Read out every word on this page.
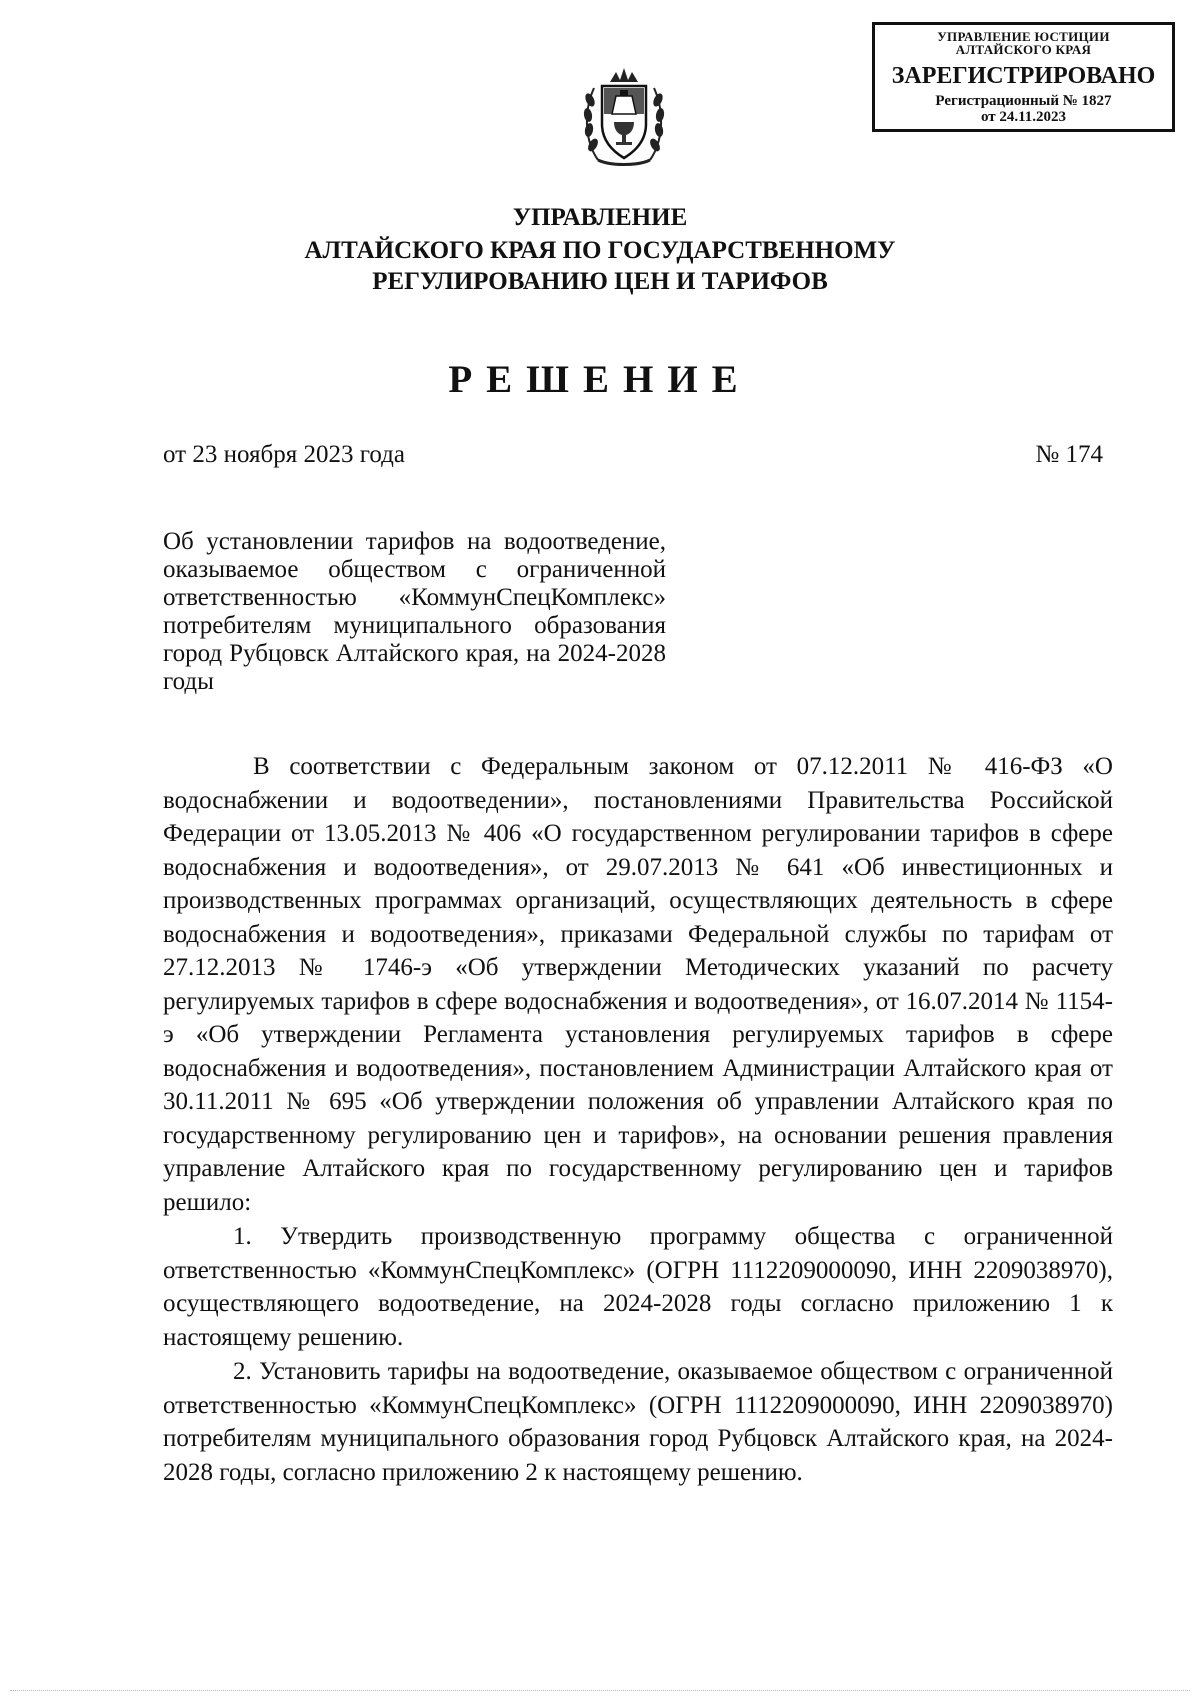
УПРАВЛЕНИЕ ЮСТИЦИИ
АЛТАЙСКОГО КРАЯ
ЗАРЕГИСТРИРОВАНО
Регистрационный № 1827
от 24.11.2023
УПРАВЛЕНИЕ
АЛТАЙСКОГО КРАЯ ПО ГОСУДАРСТВЕННОМУ
РЕГУЛИРОВАНИЮ ЦЕН И ТАРИФОВ
РЕШЕНИЕ
от 23 ноября 2023 года	№ 174
Об установлении тарифов на водоотведение, оказываемое обществом с ограниченной ответственностью «КоммунСпецКомплекс» потребителям муниципального образования город Рубцовск Алтайского края, на 2024-2028 годы

В соответствии с Федеральным законом от 07.12.2011 № 416-ФЗ «О водоснабжении и водоотведении», постановлениями Правительства Российской Федерации от 13.05.2013 № 406 «О государственном регулировании тарифов в сфере водоснабжения и водоотведения», от 29.07.2013 № 641 «Об инвестиционных и производственных программах организаций, осуществляющих деятельность в сфере водоснабжения и водоотведения», приказами Федеральной службы по тарифам от 27.12.2013 № 1746-э «Об утверждении Методических указаний по расчету регулируемых тарифов в сфере водоснабжения и водоотведения», от 16.07.2014 № 1154-э «Об утверждении Регламента установления регулируемых тарифов в сфере водоснабжения и водоотведения», постановлением Администрации Алтайского края от 30.11.2011 № 695 «Об утверждении положения об управлении Алтайского края по государственному регулированию цен и тарифов», на основании решения правления управление Алтайского края по государственному регулированию цен и тарифов решило:

1. Утвердить производственную программу общества с ограниченной ответственностью «КоммунСпецКомплекс» (ОГРН 1112209000090, ИНН 2209038970), осуществляющего водоотведение, на 2024-2028 годы согласно приложению 1 к настоящему решению.

2. Установить тарифы на водоотведение, оказываемое обществом с ограниченной ответственностью «КоммунСпецКомплекс» (ОГРН 1112209000090, ИНН 2209038970) потребителям муниципального образования город Рубцовск Алтайского края, на 2024-2028 годы, согласно приложению 2 к настоящему решению.
